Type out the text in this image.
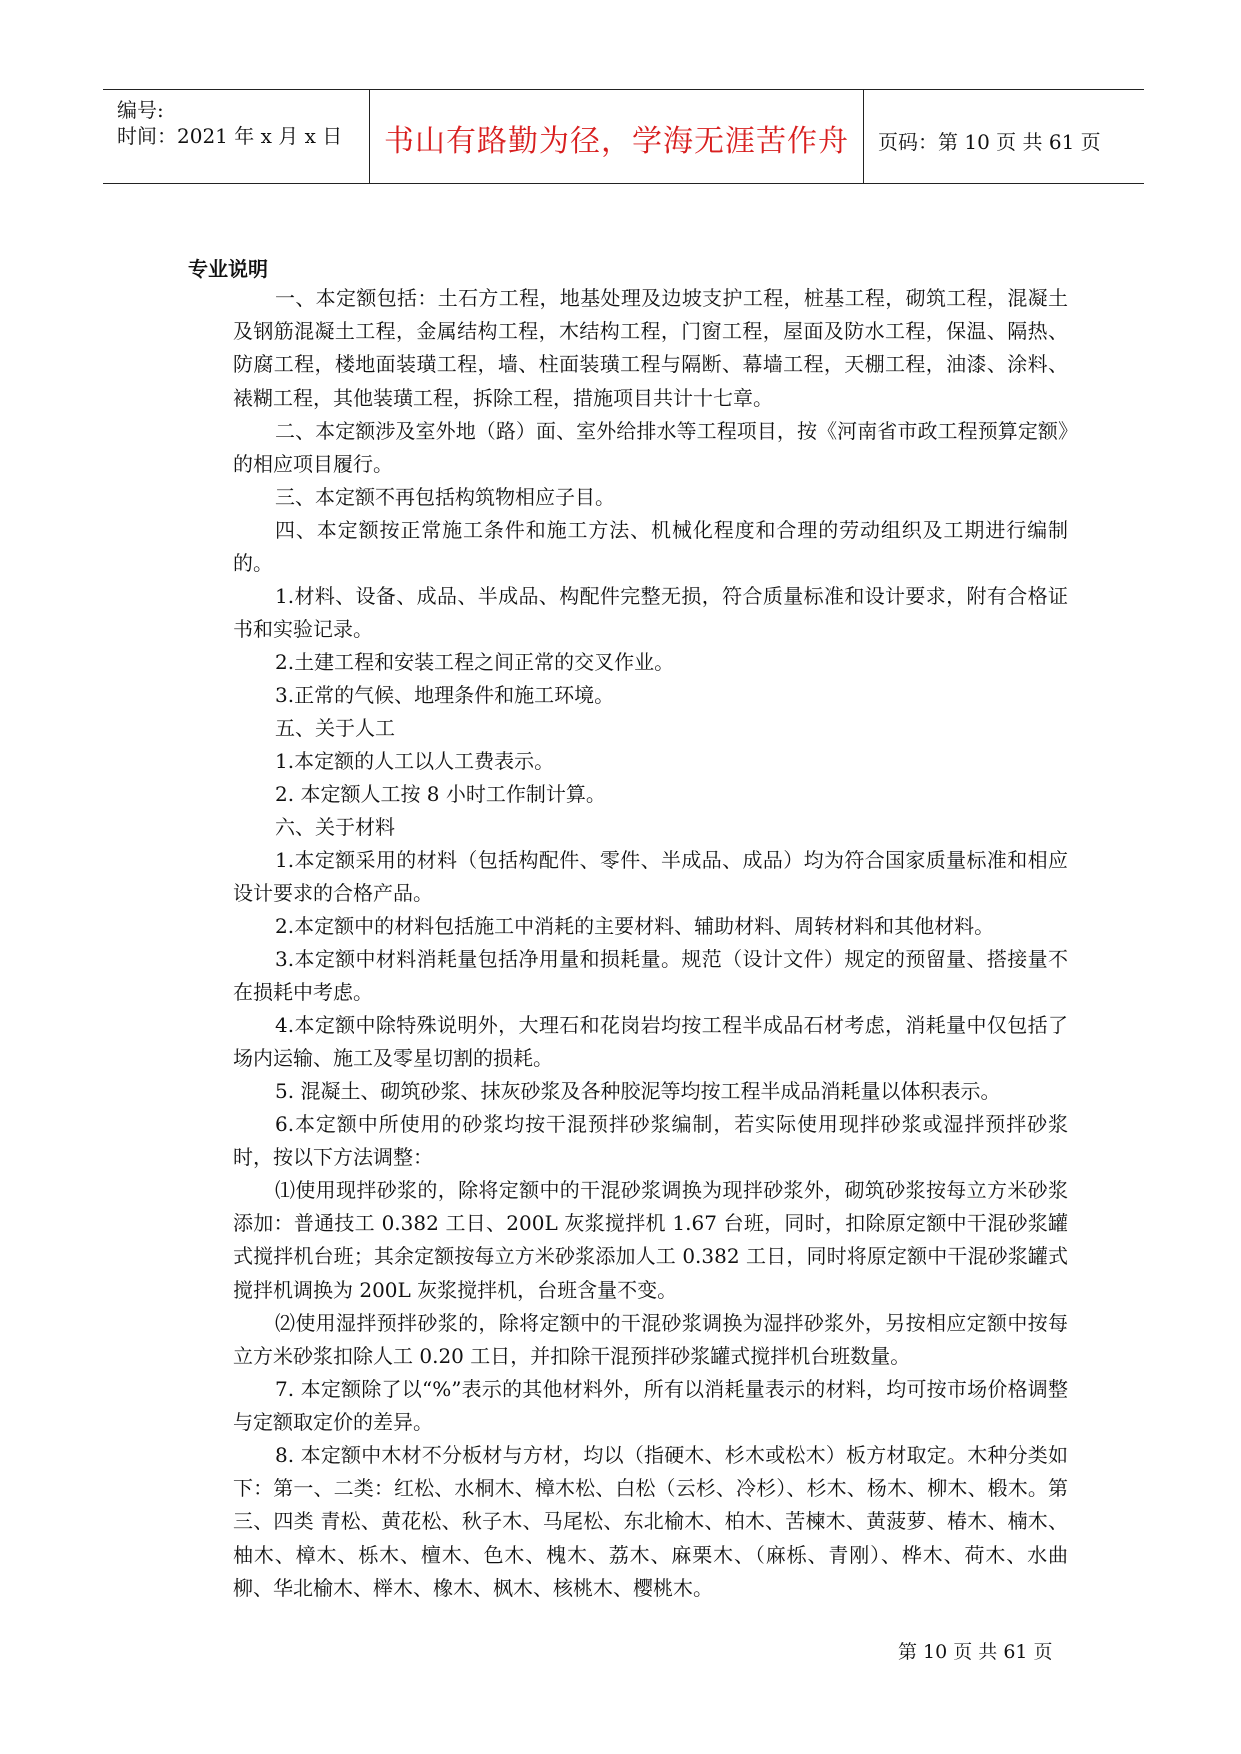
编号:
时间：2021 年 x 月 x 日	书山有路勤为径，学海无涯苦作舟	页码：第 10 页 共 61 页
专业说明

一、本定额包括：土石方工程，地基处理及边坡支护工程，桩基工程，砌筑工程，混凝土及钢筋混凝土工程，金属结构工程，木结构工程，门窗工程，屋面及防水工程，保温、隔热、防腐工程，楼地面装璜工程，墙、柱面装璜工程与隔断、幕墙工程，天棚工程，油漆、涂料、裱糊工程，其他装璜工程，拆除工程，措施项目共计十七章。

二、本定额涉及室外地（路）面、室外给排水等工程项目，按《河南省市政工程预算定额》的相应项目履行。

三、本定额不再包括构筑物相应子目。

四、本定额按正常施工条件和施工方法、机械化程度和合理的劳动组织及工期进行编制的。

1.材料、设备、成品、半成品、构配件完整无损，符合质量标准和设计要求，附有合格证书和实验记录。

2.土建工程和安装工程之间正常的交叉作业。

3.正常的气候、地理条件和施工环境。

五、关于人工

1.本定额的人工以人工费表示。

2. 本定额人工按 8 小时工作制计算。

六、关于材料

1.本定额采用的材料（包括构配件、零件、半成品、成品）均为符合国家质量标准和相应设计要求的合格产品。

2.本定额中的材料包括施工中消耗的主要材料、辅助材料、周转材料和其他材料。

3.本定额中材料消耗量包括净用量和损耗量。规范（设计文件）规定的预留量、搭接量不在损耗中考虑。

4.本定额中除特殊说明外，大理石和花岗岩均按工程半成品石材考虑，消耗量中仅包括了场内运输、施工及零星切割的损耗。

5. 混凝土、砌筑砂浆、抹灰砂浆及各种胶泥等均按工程半成品消耗量以体积表示。

6.本定额中所使用的砂浆均按干混预拌砂浆编制，若实际使用现拌砂浆或湿拌预拌砂浆时，按以下方法调整：

⑴使用现拌砂浆的，除将定额中的干混砂浆调换为现拌砂浆外，砌筑砂浆按每立方米砂浆添加：普通技工 0.382 工日、200L 灰浆搅拌机 1.67 台班，同时，扣除原定额中干混砂浆罐式搅拌机台班；其余定额按每立方米砂浆添加人工 0.382 工日，同时将原定额中干混砂浆罐式搅拌机调换为 200L 灰浆搅拌机，台班含量不变。

⑵使用湿拌预拌砂浆的，除将定额中的干混砂浆调换为湿拌砂浆外，另按相应定额中按每立方米砂浆扣除人工 0.20 工日，并扣除干混预拌砂浆罐式搅拌机台班数量。

7. 本定额除了以“%”表示的其他材料外，所有以消耗量表示的材料，均可按市场价格调整与定额取定价的差异。

8. 本定额中木材不分板材与方材，均以（指硬木、杉木或松木）板方材取定。木种分类如下：第一、二类：红松、水桐木、樟木松、白松（云杉、冷杉）、杉木、杨木、柳木、椴木。第三、四类 青松、黄花松、秋子木、马尾松、东北榆木、柏木、苦楝木、黄菠萝、椿木、楠木、柚木、樟木、栎木、檀木、色木、槐木、荔木、麻栗木、（麻栎、青刚）、桦木、荷木、水曲柳、华北榆木、榉木、橡木、枫木、核桃木、樱桃木。

第 10 页 共 61 页
